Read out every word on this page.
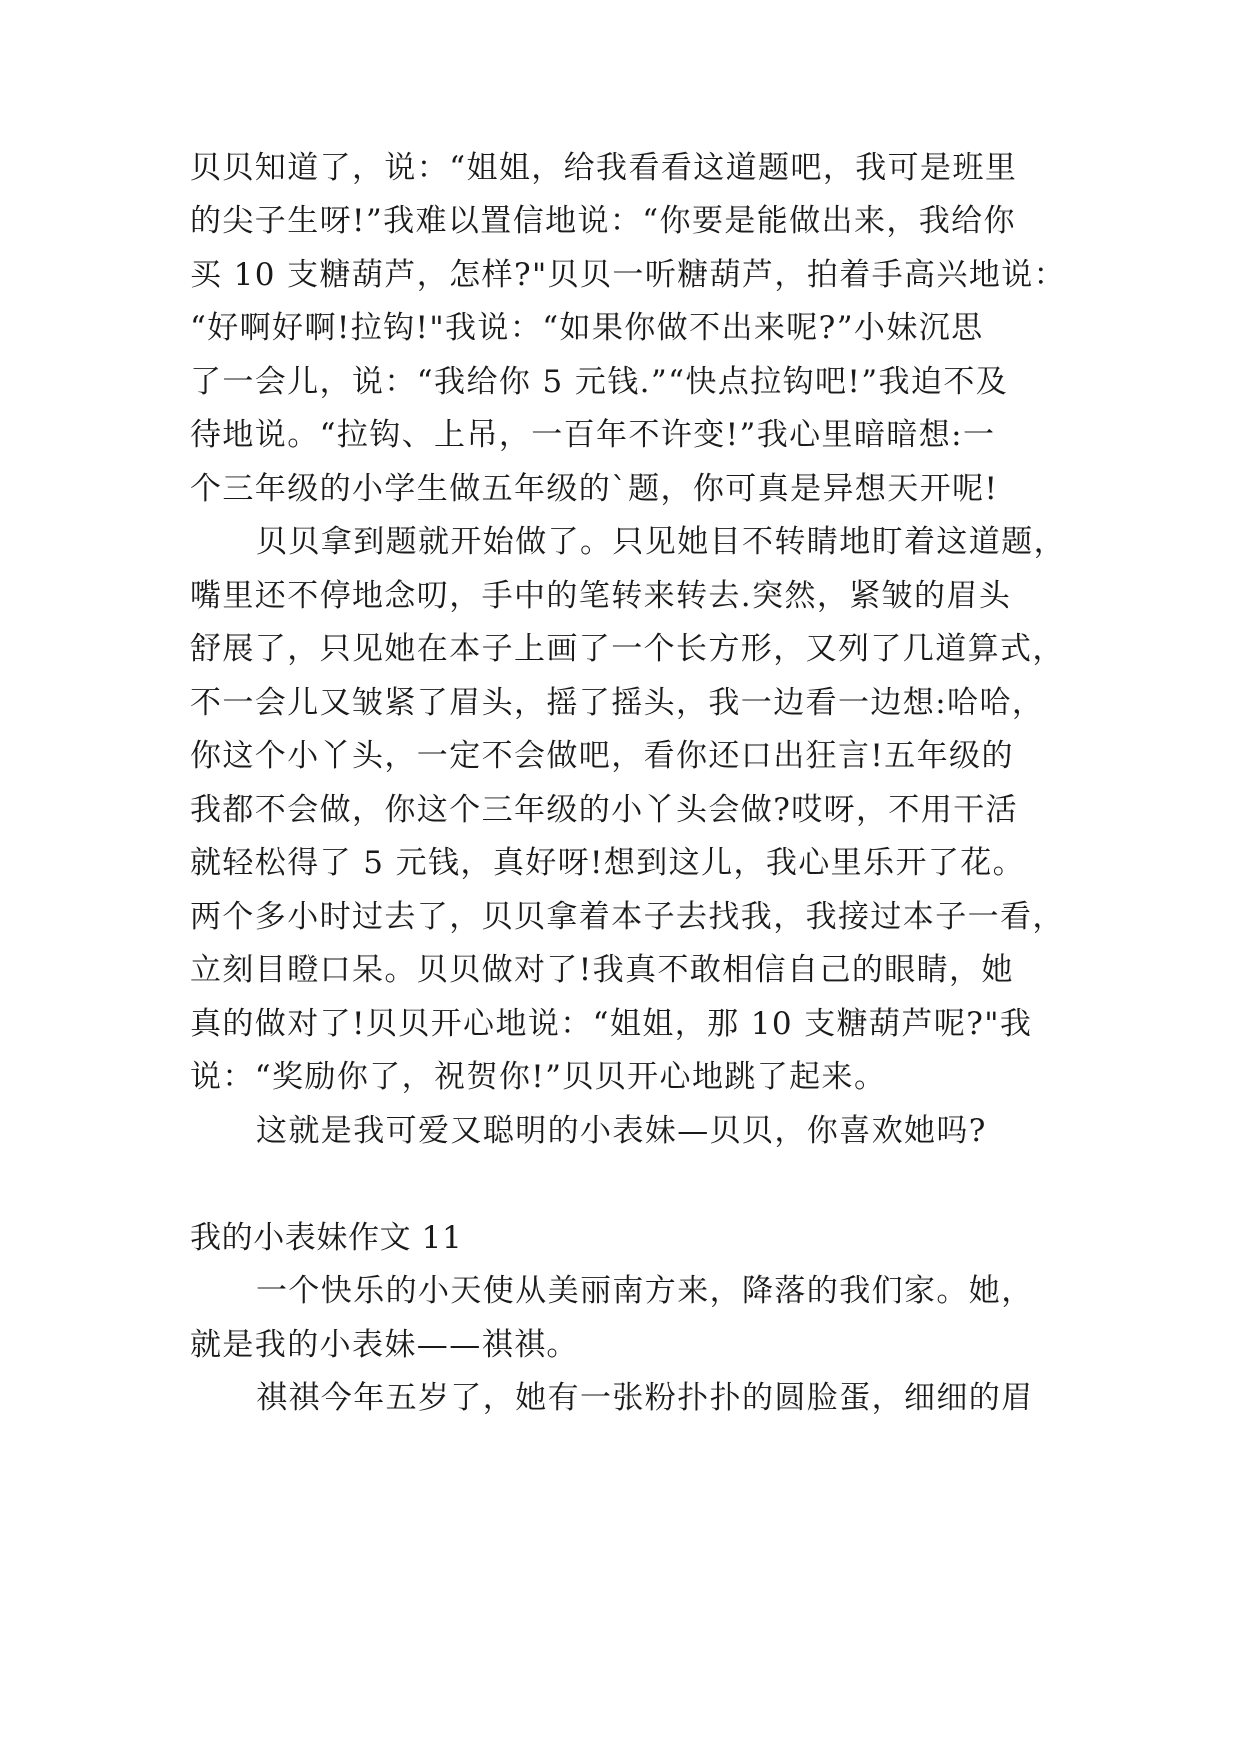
贝贝知道了，说：“姐姐，给我看看这道题吧，我可是班里
的尖子生呀!”我难以置信地说：“你要是能做出来，我给你
买 10 支糖葫芦，怎样?"贝贝一听糖葫芦，拍着手高兴地说：
“好啊好啊!拉钩!"我说：“如果你做不出来呢?”小妹沉思
了一会儿，说：“我给你 5 元钱.”“快点拉钩吧!”我迫不及
待地说。“拉钩、上吊，一百年不许变!”我心里暗暗想:一
个三年级的小学生做五年级的`题，你可真是异想天开呢!
贝贝拿到题就开始做了。只见她目不转睛地盯着这道题，
嘴里还不停地念叨，手中的笔转来转去.突然，紧皱的眉头
舒展了，只见她在本子上画了一个长方形，又列了几道算式，
不一会儿又皱紧了眉头，摇了摇头，我一边看一边想:哈哈，
你这个小丫头，一定不会做吧，看你还口出狂言!五年级的
我都不会做，你这个三年级的小丫头会做?哎呀，不用干活
就轻松得了 5 元钱，真好呀!想到这儿，我心里乐开了花。
两个多小时过去了，贝贝拿着本子去找我，我接过本子一看，
立刻目瞪口呆。贝贝做对了!我真不敢相信自己的眼睛，她
真的做对了!贝贝开心地说：“姐姐，那 10 支糖葫芦呢?"我
说：“奖励你了，祝贺你!”贝贝开心地跳了起来。
这就是我可爱又聪明的小表妹—贝贝，你喜欢她吗?
我的小表妹作文 11
一个快乐的小天使从美丽南方来，降落的我们家。她，
就是我的小表妹——祺祺。
祺祺今年五岁了，她有一张粉扑扑的圆脸蛋，细细的眉
